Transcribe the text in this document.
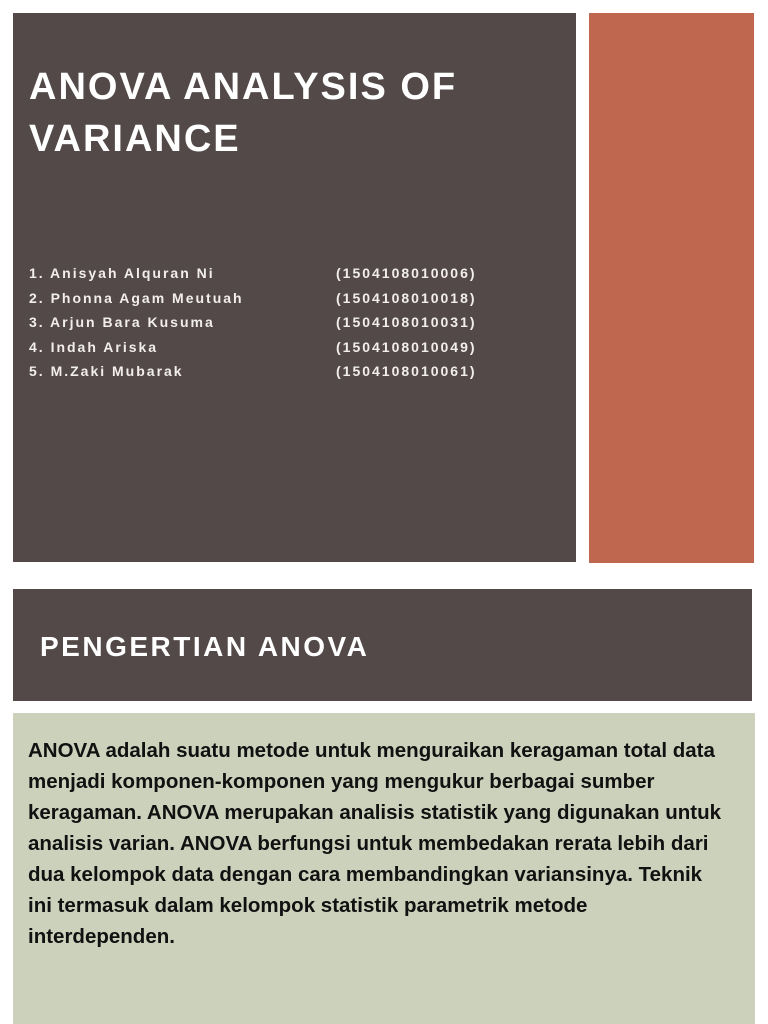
ANOVA ANALYSIS OF VARIANCE
1. Anisyah Alquran Ni	(1504108010006)
2. Phonna Agam Meutuah	(1504108010018)
3. Arjun Bara Kusuma	(1504108010031)
4. Indah Ariska	(1504108010049)
5. M.Zaki Mubarak	(1504108010061)
PENGERTIAN ANOVA

ANOVA adalah suatu metode untuk menguraikan keragaman total data menjadi komponen-komponen yang mengukur berbagai sumber keragaman. ANOVA merupakan analisis statistik yang digunakan untuk analisis varian. ANOVA berfungsi untuk membedakan rerata lebih dari dua kelompok data dengan cara membandingkan variansinya. Teknik ini termasuk dalam kelompok statistik parametrik metode interdependen.
